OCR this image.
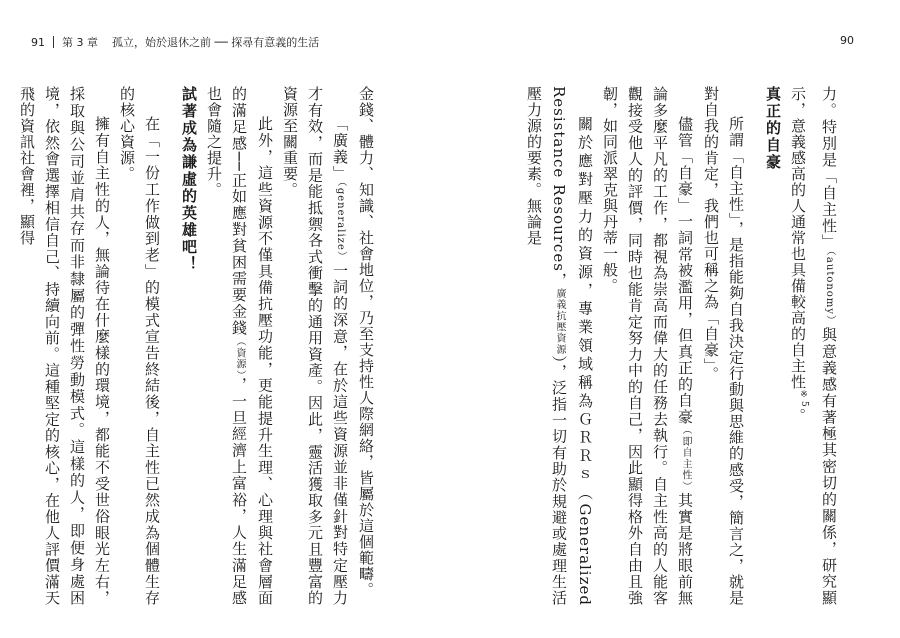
91 第 3 章 孤立，始於退休之前 ── 探尋有意義的生活	90

力。特別是「自主性」（autonomy）與意義感有著極其密切的關係，研究顯示，意義感高的人通常也具備較高的自主性$^{※5}$。

真正的自豪

所謂「自主性」，是指能夠自我決定行動與思維的感受，簡言之，就是對自我的肯定，我們也可稱之為「自豪」。

儘管「自豪」一詞常被濫用，但真正的自豪（即自主性）其實是將眼前無論多麼平凡的工作，都視為崇高而偉大的任務去執行。自主性高的人能客觀接受他人的評價，同時也能肯定努力中的自己，因此顯得格外自由且強韌，如同派翠克與丹蒂一般。

關於應對壓力的資源，專業領域稱為ＧＲＲｓ（Generalized Resistance Resources，廣義抗壓資源），泛指一切有助於規避或處理生活壓力源的要素。無論是

金錢、體力、知識、社會地位，乃至支持性人際網絡，皆屬於這個範疇。

「廣義」（generalize）一詞的深意，在於這些資源並非僅針對特定壓力才有效，而是能抵禦各式衝擊的通用資產。因此，靈活獲取多元且豐富的資源至關重要。

此外，這些資源不僅具備抗壓功能，更能提升生理、心理與社會層面的滿足感──正如應對貧困需要金錢（資源），一旦經濟上富裕，人生滿足感也會隨之提升。

試著成為謙虛的英雄吧！

在「一份工作做到老」的模式宣告終結後，自主性已然成為個體生存的核心資源。

擁有自主性的人，無論待在什麼樣的環境，都能不受世俗眼光左右，採取與公司並肩共存而非隸屬的彈性勞動模式。這樣的人，即便身處困境，依然會選擇相信自己、持續向前。這種堅定的核心，在他人評價滿天飛的資訊社會裡，顯得
